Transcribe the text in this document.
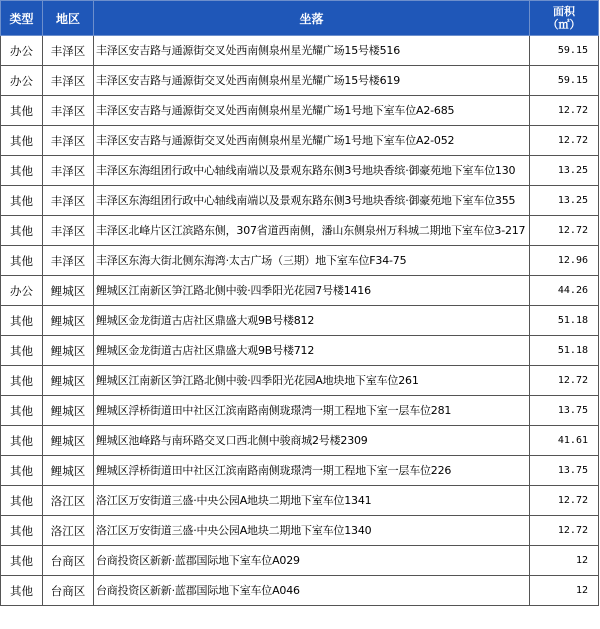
类型	地区	坐落	面积
（㎡）

办公	丰泽区	丰泽区安吉路与通源街交叉处西南侧泉州星光耀广场15号楼516	59.15
办公	丰泽区	丰泽区安吉路与通源街交叉处西南侧泉州星光耀广场15号楼619	59.15
其他	丰泽区	丰泽区安吉路与通源街交叉处西南侧泉州星光耀广场1号地下室车位A2-685	12.72
其他	丰泽区	丰泽区安吉路与通源街交叉处西南侧泉州星光耀广场1号地下室车位A2-052	12.72
其他	丰泽区	丰泽区东海组团行政中心轴线南端以及景观东路东侧3号地块香缤·御豪苑地下室车位130	13.25
其他	丰泽区	丰泽区东海组团行政中心轴线南端以及景观东路东侧3号地块香缤·御豪苑地下室车位355	13.25
其他	丰泽区	丰泽区北峰片区江滨路东侧，307省道西南侧，潘山东侧泉州万科城二期地下室车位3-217	12.72
其他	丰泽区	丰泽区东海大街北侧东海湾·太古广场（三期）地下室车位F34-75	12.96
办公	鲤城区	鲤城区江南新区笋江路北侧中骏·四季阳光花园7号楼1416	44.26
其他	鲤城区	鲤城区金龙街道古店社区鼎盛大观9B号楼812	51.18
其他	鲤城区	鲤城区金龙街道古店社区鼎盛大观9B号楼712	51.18
其他	鲤城区	鲤城区江南新区笋江路北侧中骏·四季阳光花园A地块地下室车位261	12.72
其他	鲤城区	鲤城区浮桥街道田中社区江滨南路南侧珑璟湾一期工程地下室一层车位281	13.75
其他	鲤城区	鲤城区池峰路与南环路交叉口西北侧中骏商城2号楼2309	41.61
其他	鲤城区	鲤城区浮桥街道田中社区江滨南路南侧珑璟湾一期工程地下室一层车位226	13.75
其他	洛江区	洛江区万安街道三盛·中央公园A地块二期地下室车位1341	12.72
其他	洛江区	洛江区万安街道三盛·中央公园A地块二期地下室车位1340	12.72
其他	台商区	台商投资区新新·蓝郡国际地下室车位A029	12
其他	台商区	台商投资区新新·蓝郡国际地下室车位A046	12
